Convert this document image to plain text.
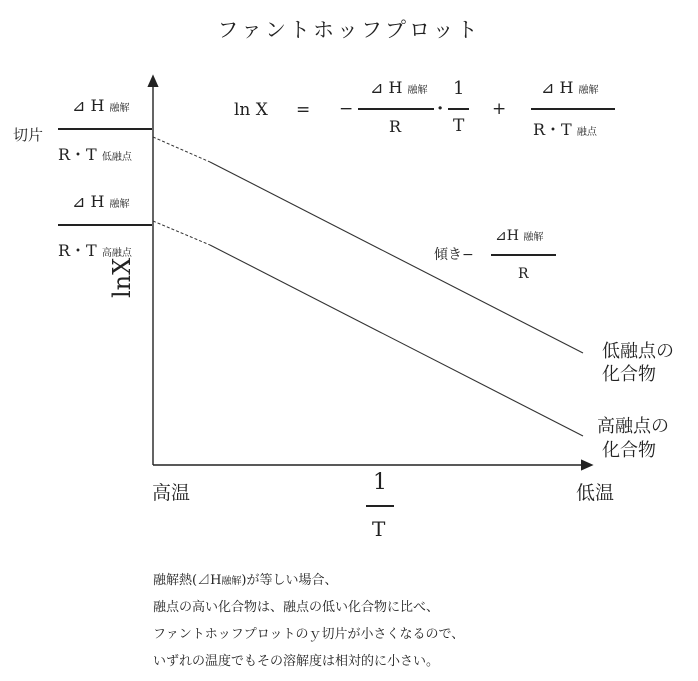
ファントホッフプロット
ln X = −
⊿ H 融解
R
·
1
T
+
⊿ H 融解
R・T 融点
切片
⊿ H 融解
R・T 低融点
⊿ H 融解
R・T 高融点	傾き−
⊿H 融解
R
lnX
高温	低温
1
T
低融点の
化合物
高融点の
化合物
融解熱(⊿H融解)が等しい場合、
融点の高い化合物は、融点の低い化合物に比べ、
ファントホッフプロットのｙ切片が小さくなるので、
いずれの温度でもその溶解度は相対的に小さい。
